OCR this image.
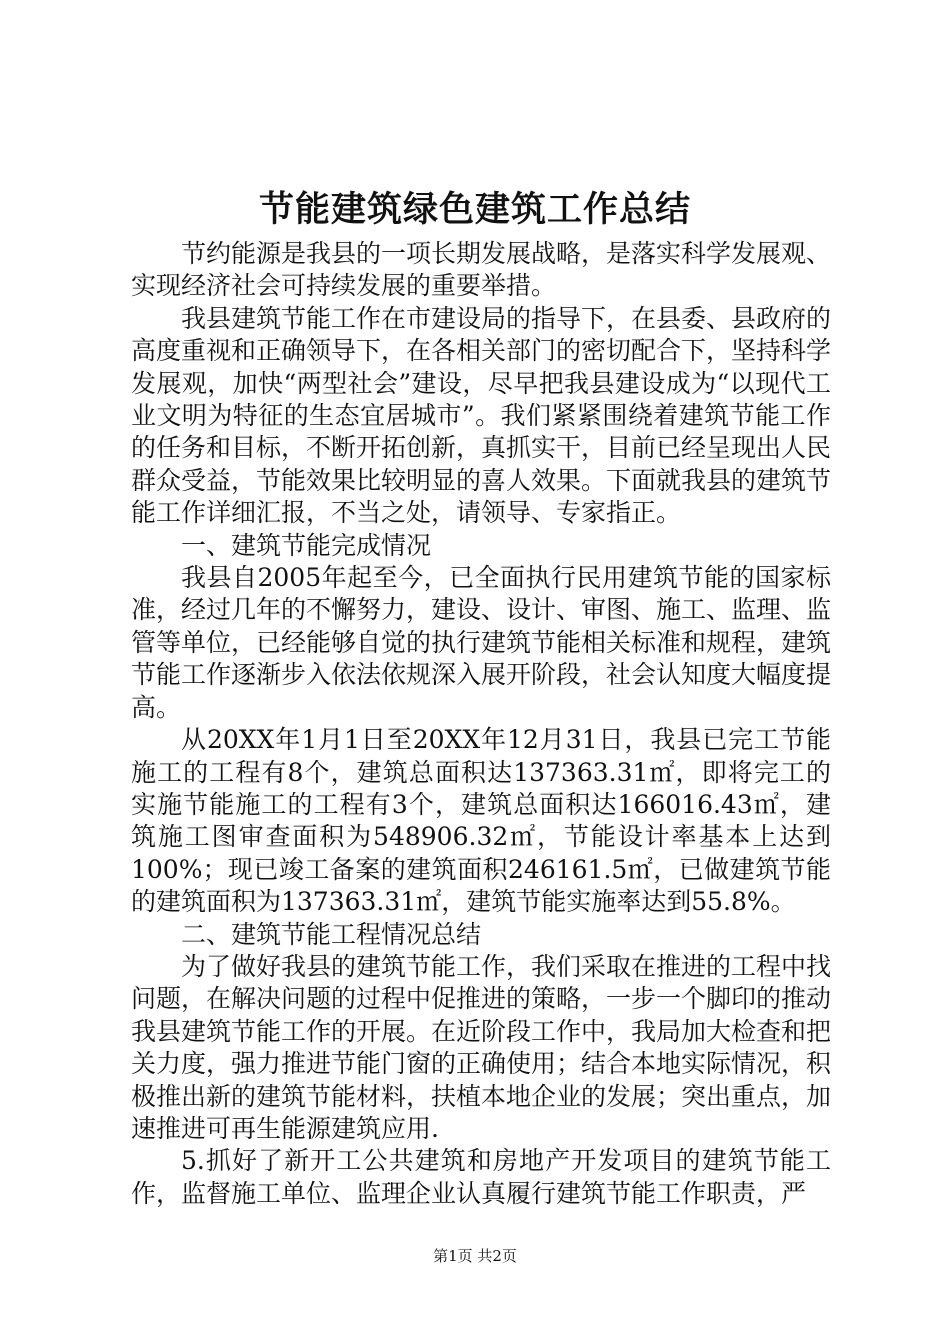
节能建筑绿色建筑工作总结

节约能源是我县的一项长期发展战略，是落实科学发展观、实现经济社会可持续发展的重要举措。

我县建筑节能工作在市建设局的指导下，在县委、县政府的高度重视和正确领导下，在各相关部门的密切配合下，坚持科学发展观，加快“两型社会”建设，尽早把我县建设成为“以现代工业文明为特征的生态宜居城市”。我们紧紧围绕着建筑节能工作的任务和目标，不断开拓创新，真抓实干，目前已经呈现出人民群众受益，节能效果比较明显的喜人效果。下面就我县的建筑节能工作详细汇报，不当之处，请领导、专家指正。

一、建筑节能完成情况

我县自2005年起至今，已全面执行民用建筑节能的国家标准，经过几年的不懈努力，建设、设计、审图、施工、监理、监管等单位，已经能够自觉的执行建筑节能相关标准和规程，建筑节能工作逐渐步入依法依规深入展开阶段，社会认知度大幅度提高。

从20XX年1月1日至20XX年12月31日，我县已完工节能施工的工程有8个，建筑总面积达137363.31㎡，即将完工的实施节能施工的工程有3个，建筑总面积达166016.43㎡，建筑施工图审查面积为548906.32㎡，节能设计率基本上达到100%；现已竣工备案的建筑面积246161.5㎡，已做建筑节能的建筑面积为137363.31㎡，建筑节能实施率达到55.8%。

二、建筑节能工程情况总结

为了做好我县的建筑节能工作，我们采取在推进的工程中找问题，在解决问题的过程中促推进的策略，一步一个脚印的推动我县建筑节能工作的开展。在近阶段工作中，我局加大检查和把关力度，强力推进节能门窗的正确使用；结合本地实际情况，积极推出新的建筑节能材料，扶植本地企业的发展；突出重点，加速推进可再生能源建筑应用.

5.抓好了新开工公共建筑和房地产开发项目的建筑节能工作，监督施工单位、监理企业认真履行建筑节能工作职责，严

第1页 共2页
